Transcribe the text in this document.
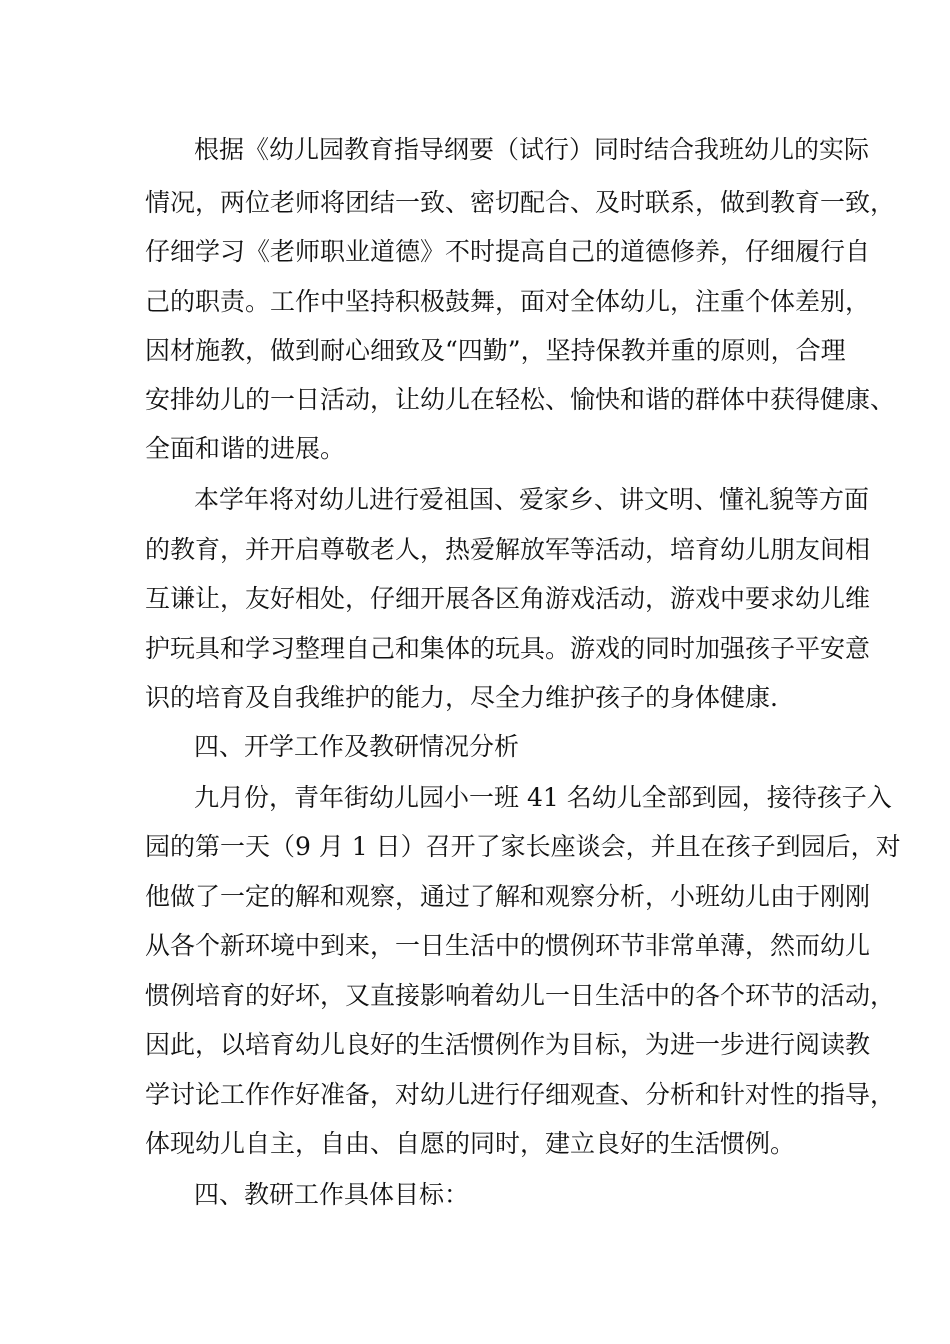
根据《幼儿园教育指导纲要（试行）同时结合我班幼儿的实际
情况，两位老师将团结一致、密切配合、及时联系，做到教育一致，
仔细学习《老师职业道德》不时提高自己的道德修养，仔细履行自
己的职责。工作中坚持积极鼓舞，面对全体幼儿，注重个体差别，
因材施教，做到耐心细致及“四勤”，坚持保教并重的原则，合理
安排幼儿的一日活动，让幼儿在轻松、愉快和谐的群体中获得健康、
全面和谐的进展。
本学年将对幼儿进行爱祖国、爱家乡、讲文明、懂礼貌等方面
的教育，并开启尊敬老人，热爱解放军等活动，培育幼儿朋友间相
互谦让，友好相处，仔细开展各区角游戏活动，游戏中要求幼儿维
护玩具和学习整理自己和集体的玩具。游戏的同时加强孩子平安意
识的培育及自我维护的能力，尽全力维护孩子的身体健康.
四、开学工作及教研情况分析
九月份，青年街幼儿园小一班 41 名幼儿全部到园，接待孩子入
园的第一天（9 月 1 日）召开了家长座谈会，并且在孩子到园后，对
他做了一定的解和观察，通过了解和观察分析，小班幼儿由于刚刚
从各个新环境中到来，一日生活中的惯例环节非常单薄，然而幼儿
惯例培育的好坏，又直接影响着幼儿一日生活中的各个环节的活动，
因此，以培育幼儿良好的生活惯例作为目标，为进一步进行阅读教
学讨论工作作好准备，对幼儿进行仔细观查、分析和针对性的指导，
体现幼儿自主，自由、自愿的同时，建立良好的生活惯例。
四、教研工作具体目标：
